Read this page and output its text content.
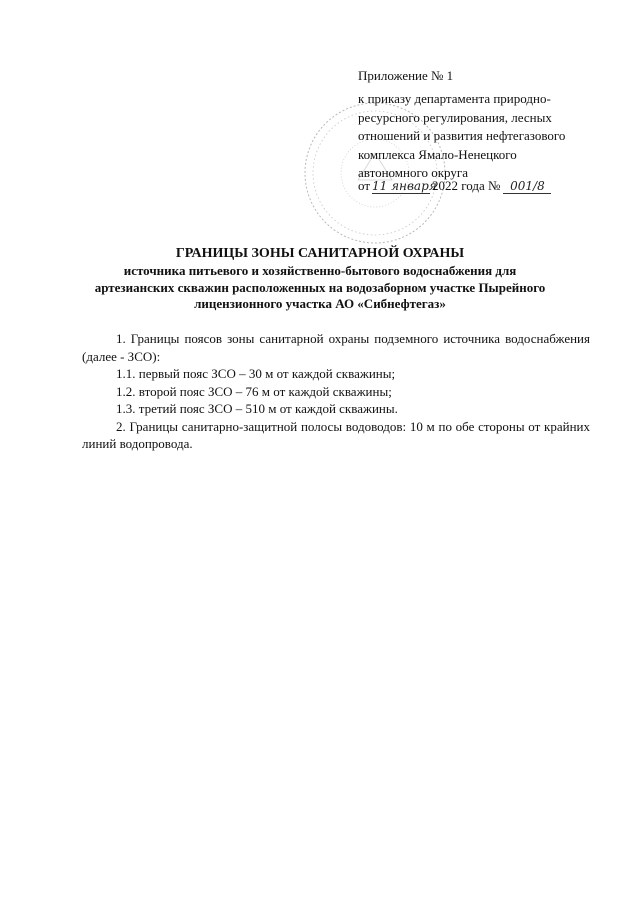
Приложение № 1
к приказу департамента природно-
ресурсного регулирования, лесных
отношений и развития нефтегазового
комплекса Ямало-Ненецкого
автономного округа
от 11 января2022 года № 001/8
ГРАНИЦЫ ЗОНЫ САНИТАРНОЙ ОХРАНЫ
источника питьевого и хозяйственно-бытового водоснабжения для
артезианских скважин расположенных на водозаборном участке Пырейного
лицензионного участка АО «Сибнефтегаз»

1. Границы поясов зоны санитарной охраны подземного источника водоснабжения (далее - ЗСО):

1.1. первый пояс ЗСО – 30 м от каждой скважины;

1.2. второй пояс ЗСО – 76 м от каждой скважины;

1.3. третий пояс ЗСО – 510 м от каждой скважины.

2. Границы санитарно-защитной полосы водоводов: 10 м по обе стороны от крайних линий водопровода.
